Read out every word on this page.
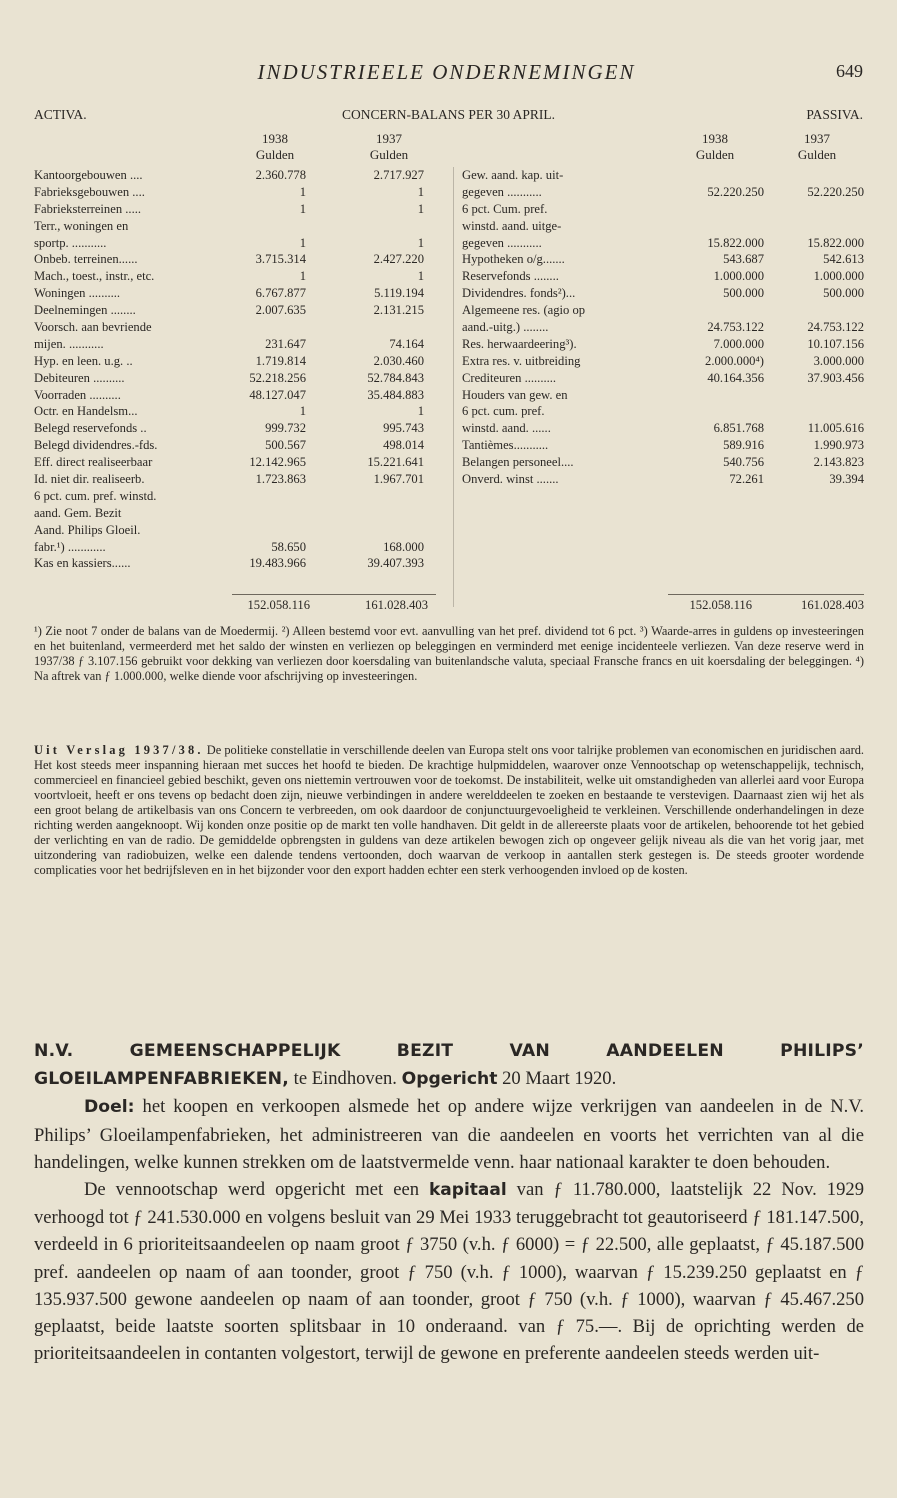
INDUSTRIEELE ONDERNEMINGEN	649
ACTIVA.	CONCERN-BALANS PER 30 APRIL.	PASSIVA.
1938
Gulden
1937
Gulden
1938
Gulden
1937
Gulden
Kantoorgebouwen ....	2.360.778	2.717.927
Fabrieksgebouwen ....	1	1
Fabrieksterreinen .....	1	1
Terr., woningen en
sportp. ...........	1	1
Onbeb. terreinen......	3.715.314	2.427.220
Mach., toest., instr., etc.	1	1
Woningen ..........	6.767.877	5.119.194
Deelnemingen ........	2.007.635	2.131.215
Voorsch. aan bevriende
mijen. ...........	231.647	74.164
Hyp. en leen. u.g. ..	1.719.814	2.030.460
Debiteuren ..........	52.218.256	52.784.843
Voorraden ..........	48.127.047	35.484.883
Octr. en Handelsm...	1	1
Belegd reservefonds ..	999.732	995.743
Belegd dividendres.-fds.	500.567	498.014
Eff. direct realiseerbaar	12.142.965	15.221.641
Id. niet dir. realiseerb.	1.723.863	1.967.701
6 pct. cum. pref. winstd.
aand. Gem. Bezit
Aand. Philips Gloeil.
fabr.¹) ............	58.650	168.000
Kas en kassiers......	19.483.966	39.407.393
Gew. aand. kap. uit-
gegeven ...........	52.220.250	52.220.250
6 pct. Cum. pref.
winstd. aand. uitge-
gegeven ...........	15.822.000	15.822.000
Hypotheken o/g.......	543.687	542.613
Reservefonds ........	1.000.000	1.000.000
Dividendres. fonds²)...	500.000	500.000
Algemeene res. (agio op
aand.-uitg.) ........	24.753.122	24.753.122
Res. herwaardeering³).	7.000.000	10.107.156
Extra res. v. uitbreiding	2.000.000⁴)	3.000.000
Crediteuren ..........	40.164.356	37.903.456
Houders van gew. en
6 pct. cum. pref.
winstd. aand. ......	6.851.768	11.005.616
Tantièmes...........	589.916	1.990.973
Belangen personeel....	540.756	2.143.823
Onverd. winst .......	72.261	39.394
152.058.116	161.028.403	152.058.116	161.028.403
¹) Zie noot 7 onder de balans van de Moedermij. ²) Alleen bestemd voor evt. aanvulling van het pref. dividend tot 6 pct. ³) Waarde-arres in guldens op investeeringen en het buitenland, vermeerderd met het saldo der winsten en verliezen op beleggingen en verminderd met eenige incidenteele verliezen. Van deze reserve werd in 1937/38 ƒ 3.107.156 gebruikt voor dekking van verliezen door koersdaling van buitenlandsche valuta, speciaal Fransche francs en uit koersdaling der beleggingen. ⁴) Na aftrek van ƒ 1.000.000, welke diende voor afschrijving op investeeringen.
Uit Verslag 1937/38. De politieke constellatie in verschillende deelen van Europa stelt ons voor talrijke problemen van economischen en juridischen aard. Het kost steeds meer inspanning hieraan met succes het hoofd te bieden. De krachtige hulpmiddelen, waarover onze Vennootschap op wetenschappelijk, technisch, commercieel en financieel gebied beschikt, geven ons niettemin vertrouwen voor de toekomst. De instabiliteit, welke uit omstandigheden van allerlei aard voor Europa voortvloeit, heeft er ons tevens op bedacht doen zijn, nieuwe verbindingen in andere werelddeelen te zoeken en bestaande te verstevigen. Daarnaast zien wij het als een groot belang de artikelbasis van ons Concern te verbreeden, om ook daardoor de conjunctuurgevoeligheid te verkleinen. Verschillende onderhandelingen in deze richting werden aangeknoopt. Wij konden onze positie op de markt ten volle handhaven. Dit geldt in de allereerste plaats voor de artikelen, behoorende tot het gebied der verlichting en van de radio. De gemiddelde opbrengsten in guldens van deze artikelen bewogen zich op ongeveer gelijk niveau als die van het vorig jaar, met uitzondering van radiobuizen, welke een dalende tendens vertoonden, doch waarvan de verkoop in aantallen sterk gestegen is. De steeds grooter wordende complicaties voor het bedrijfsleven en in het bijzonder voor den export hadden echter een sterk verhoogenden invloed op de kosten.

N.V. GEMEENSCHAPPELIJK BEZIT VAN AANDEELEN PHILIPS’ GLOEILAMPENFABRIEKEN, te Eindhoven. Opgericht 20 Maart 1920.

Doel: het koopen en verkoopen alsmede het op andere wijze verkrijgen van aandeelen in de N.V. Philips’ Gloeilampenfabrieken, het administreeren van die aandeelen en voorts het verrichten van al die handelingen, welke kunnen strekken om de laatstvermelde venn. haar nationaal karakter te doen behouden.

De vennootschap werd opgericht met een kapitaal van ƒ 11.780.000, laatstelijk 22 Nov. 1929 verhoogd tot ƒ 241.530.000 en volgens besluit van 29 Mei 1933 teruggebracht tot geautoriseerd ƒ 181.147.500, verdeeld in 6 prioriteitsaandeelen op naam groot ƒ 3750 (v.h. ƒ 6000) = ƒ 22.500, alle geplaatst, ƒ 45.187.500 pref. aandeelen op naam of aan toonder, groot ƒ 750 (v.h. ƒ 1000), waarvan ƒ 15.239.250 geplaatst en ƒ 135.937.500 gewone aandeelen op naam of aan toonder, groot ƒ 750 (v.h. ƒ 1000), waarvan ƒ 45.467.250 geplaatst, beide laatste soorten splitsbaar in 10 onderaand. van ƒ 75.—. Bij de oprichting werden de prioriteitsaandeelen in contanten volgestort, terwijl de gewone en preferente aandeelen steeds werden uit-
